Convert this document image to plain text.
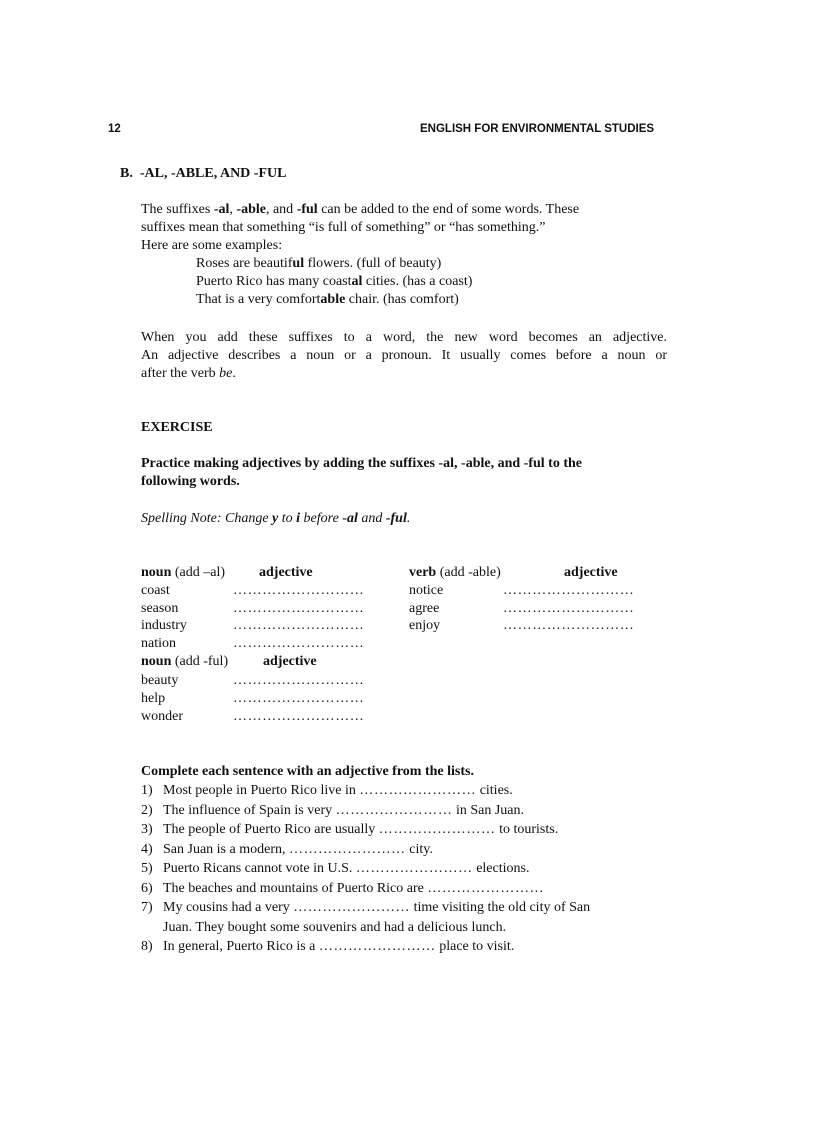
12	ENGLISH FOR ENVIRONMENTAL STUDIES
B.  -AL, -ABLE, AND -FUL
The suffixes -al, -able, and -ful can be added to the end of some words. These
suffixes mean that something “is full of something” or “has something.”
Here are some examples:
Roses are beautiful flowers. (full of beauty)
Puerto Rico has many coastal cities. (has a coast)
That is a very comfortable chair. (has comfort)
When you add these suffixes to a word, the new word becomes an adjective.
An adjective describes a noun or a pronoun. It usually comes before a noun or
after the verb be.
EXERCISE
Practice making adjectives by adding the suffixes -al, -able, and -ful to the
following words.
Spelling Note: Change y to i before -al and -ful.
noun (add –al) adjective
coast	………………………
season	………………………
industry	………………………
nation	………………………
noun (add -ful) adjective
beauty	………………………
help	………………………
wonder	………………………
verb (add -able)	adjective
notice	………………………
agree	………………………
enjoy	………………………
Complete each sentence with an adjective from the lists.
1) Most people in Puerto Rico live in …………………… cities.
2) The influence of Spain is very …………………… in San Juan.
3) The people of Puerto Rico are usually …………………… to tourists.
4) San Juan is a modern, …………………… city.
5) Puerto Ricans cannot vote in U.S. …………………… elections.
6) The beaches and mountains of Puerto Rico are ……………………
7) My cousins had a very …………………… time visiting the old city of San
Juan. They bought some souvenirs and had a delicious lunch.
8) In general, Puerto Rico is a …………………… place to visit.
